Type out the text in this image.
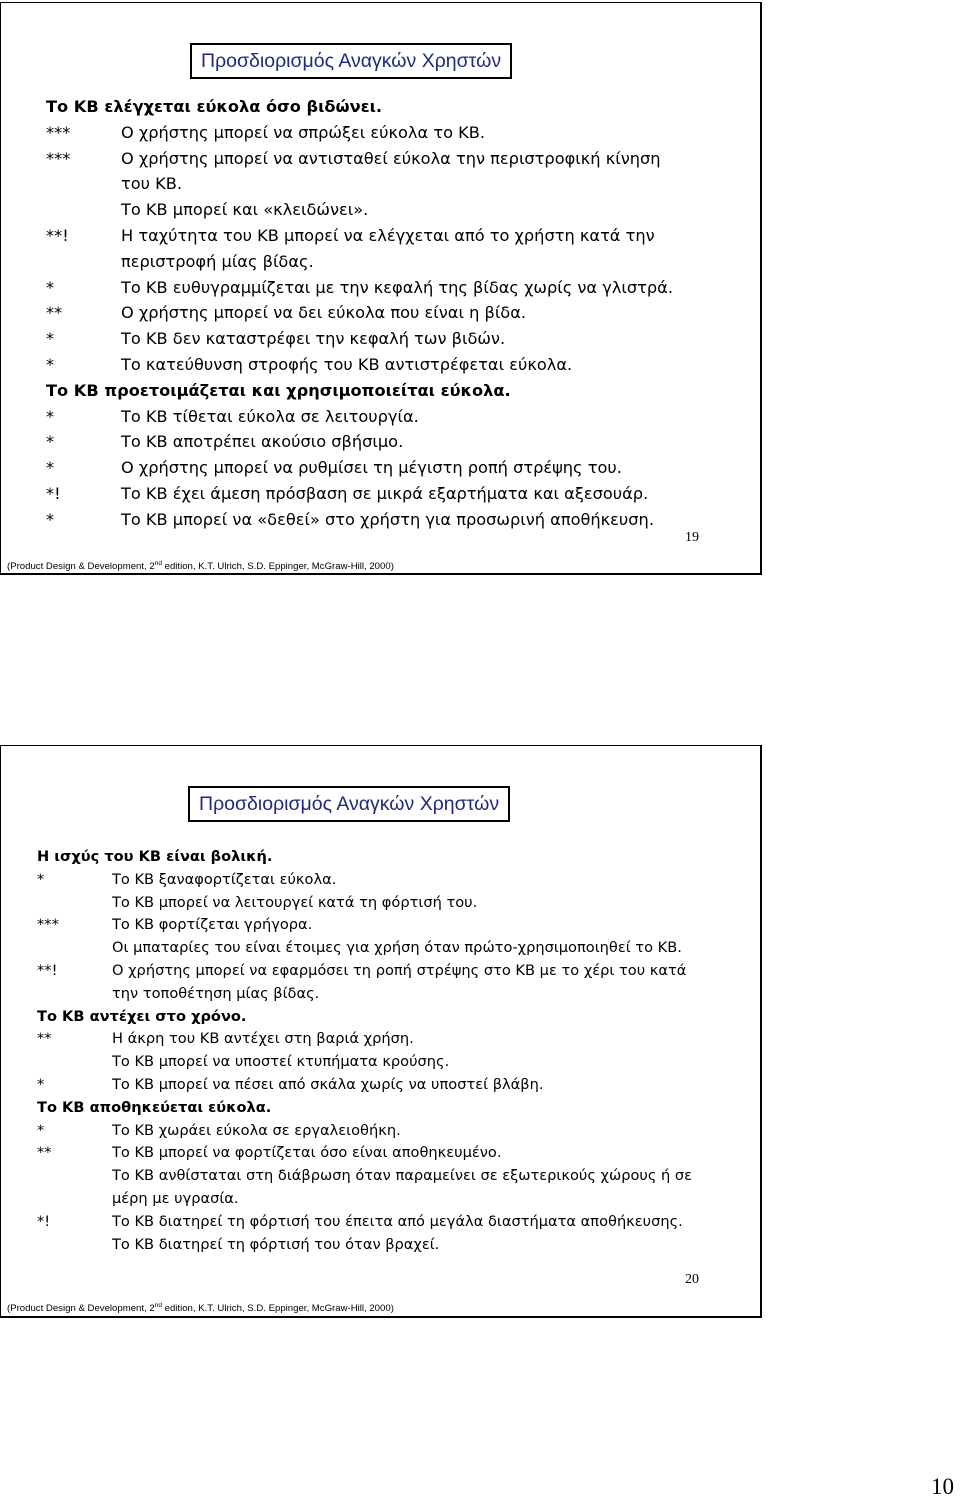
Προσδιορισμός Αναγκών Χρηστών
Το ΚΒ ελέγχεται εύκολα όσο βιδώνει.
***	Ο χρήστης μπορεί να σπρώξει εύκολα το ΚΒ.
***	Ο χρήστης μπορεί να αντισταθεί εύκολα την περιστροφική κίνηση
του ΚΒ.
Το ΚΒ μπορεί και «κλειδώνει».
**!	Η ταχύτητα του ΚΒ μπορεί να ελέγχεται από το χρήστη κατά την
περιστροφή μίας βίδας.
*	Το ΚΒ ευθυγραμμίζεται με την κεφαλή της βίδας χωρίς να γλιστρά.
**	Ο χρήστης μπορεί να δει εύκολα που είναι η βίδα.
*	Το ΚΒ δεν καταστρέφει την κεφαλή των βιδών.
*	Το κατεύθυνση στροφής του ΚΒ αντιστρέφεται εύκολα.
Το ΚΒ προετοιμάζεται και χρησιμοποιείται εύκολα.
*	Το ΚΒ τίθεται εύκολα σε λειτουργία.
*	Το ΚΒ αποτρέπει ακούσιο σβήσιμο.
*	Ο χρήστης μπορεί να ρυθμίσει τη μέγιστη ροπή στρέψης του.
*!	Το ΚΒ έχει άμεση πρόσβαση σε μικρά εξαρτήματα και αξεσουάρ.
*	Το ΚΒ μπορεί να «δεθεί» στο χρήστη για προσωρινή αποθήκευση.
19
(Product Design & Development, 2nd edition, K.T. Ulrich, S.D. Eppinger, McGraw-Hill, 2000)
Προσδιορισμός Αναγκών Χρηστών
Η ισχύς του ΚΒ είναι βολική.
*	Το ΚΒ ξαναφορτίζεται εύκολα.
Το ΚΒ μπορεί να λειτουργεί κατά τη φόρτισή του.
***	Το ΚΒ φορτίζεται γρήγορα.
Οι μπαταρίες του είναι έτοιμες για χρήση όταν πρώτο-χρησιμοποιηθεί το ΚΒ.
**!	Ο χρήστης μπορεί να εφαρμόσει τη ροπή στρέψης στο ΚΒ με το χέρι του κατά
την τοποθέτηση μίας βίδας.
Το ΚΒ αντέχει στο χρόνο.
**	Η άκρη του ΚΒ αντέχει στη βαριά χρήση.
Το ΚΒ μπορεί να υποστεί κτυπήματα κρούσης.
*	Το ΚΒ μπορεί να πέσει από σκάλα χωρίς να υποστεί βλάβη.
Το ΚΒ αποθηκεύεται εύκολα.
*	Το ΚΒ χωράει εύκολα σε εργαλειοθήκη.
**	Το ΚΒ μπορεί να φορτίζεται όσο είναι αποθηκευμένο.
Το ΚΒ ανθίσταται στη διάβρωση όταν παραμείνει σε εξωτερικούς χώρους ή σε
μέρη με υγρασία.
*!	Το ΚΒ διατηρεί τη φόρτισή του έπειτα από μεγάλα διαστήματα αποθήκευσης.
Το ΚΒ διατηρεί τη φόρτισή του όταν βραχεί.
20
(Product Design & Development, 2nd edition, K.T. Ulrich, S.D. Eppinger, McGraw-Hill, 2000)
10
